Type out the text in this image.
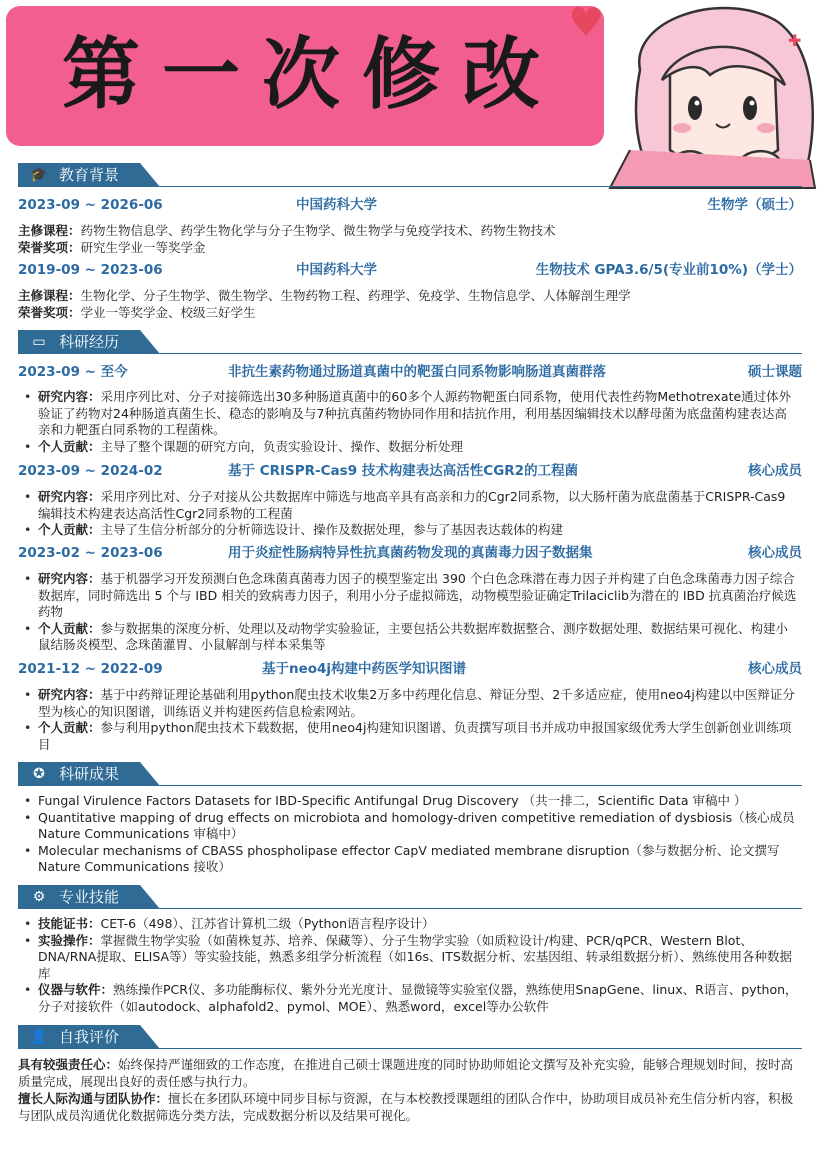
第一次修改
♥	✚
🎓 教育背景
2023-09 ~ 2026-06	中国药科大学	生物学（硕士）
主修课程：药物生物信息学、药学生物化学与分子生物学、微生物学与免疫学技术、药物生物技术
荣誉奖项：研究生学业一等奖学金
2019-09 ~ 2023-06	中国药科大学	生物技术 GPA3.6/5(专业前10%)（学士）
主修课程：生物化学、分子生物学、微生物学、生物药物工程、药理学、免疫学、生物信息学、人体解剖生理学
荣誉奖项：学业一等奖学金、校级三好学生
▭ 科研经历
2023-09 ~ 至今	非抗生素药物通过肠道真菌中的靶蛋白同系物影响肠道真菌群落	硕士课题
• 研究内容：采用序列比对、分子对接筛选出30多种肠道真菌中的60多个人源药物靶蛋白同系物，使用代表性药物Methotrexate通过体外验证了药物对24种肠道真菌生长、稳态的影响及与7种抗真菌药物协同作用和拮抗作用，利用基因编辑技术以酵母菌为底盘菌构建表达高亲和力靶蛋白同系物的工程菌株。
• 个人贡献：主导了整个课题的研究方向，负责实验设计、操作、数据分析处理
2023-09 ~ 2024-02	基于 CRISPR-Cas9 技术构建表达高活性CGR2的工程菌	核心成员
• 研究内容：采用序列比对、分子对接从公共数据库中筛选与地高辛具有高亲和力的Cgr2同系物，以大肠杆菌为底盘菌基于CRISPR-Cas9 编辑技术构建表达高活性Cgr2同系物的工程菌
• 个人贡献：主导了生信分析部分的分析筛选设计、操作及数据处理，参与了基因表达载体的构建
2023-02 ~ 2023-06	用于炎症性肠病特异性抗真菌药物发现的真菌毒力因子数据集	核心成员
• 研究内容：基于机器学习开发预测白色念珠菌真菌毒力因子的模型鉴定出 390 个白色念珠潜在毒力因子并构建了白色念珠菌毒力因子综合数据库，同时筛选出 5 个与 IBD 相关的致病毒力因子，利用小分子虚拟筛选，动物模型验证确定Trilaciclib为潜在的 IBD 抗真菌治疗候选药物
• 个人贡献：参与数据集的深度分析、处理以及动物学实验验证，主要包括公共数据库数据整合、测序数据处理、数据结果可视化、构建小鼠结肠炎模型、念珠菌灌胃、小鼠解剖与样本采集等
2021-12 ~ 2022-09	基于neo4j构建中药医学知识图谱	核心成员
• 研究内容：基于中药辩证理论基础利用python爬虫技术收集2万多中药理化信息、辩证分型、2千多适应症，使用neo4j构建以中医辩证分型为核心的知识图谱，训练语义并构建医药信息检索网站。
• 个人贡献：参与利用python爬虫技术下载数据，使用neo4j构建知识图谱、负责撰写项目书并成功申报国家级优秀大学生创新创业训练项目
✪ 科研成果
• Fungal Virulence Factors Datasets for IBD-Specific Antifungal Drug Discovery （共一排二，Scientific Data 审稿中 ）
• Quantitative mapping of drug effects on microbiota and homology-driven competitive remediation of dysbiosis（核心成员 Nature Communications 审稿中）
• Molecular mechanisms of CBASS phospholipase effector CapV mediated membrane disruption（参与数据分析、论文撰写 Nature Communications 接收）
⚙ 专业技能
• 技能证书：CET-6（498）、江苏省计算机二级（Python语言程序设计）
• 实验操作：掌握微生物学实验（如菌株复苏、培养、保藏等）、分子生物学实验（如质粒设计/构建、PCR/qPCR、Western Blot、DNA/RNA提取、ELISA等）等实验技能，熟悉多组学分析流程（如16s、ITS数据分析、宏基因组、转录组数据分析）、熟练使用各种数据库
• 仪器与软件：熟练操作PCR仪、多功能酶标仪、紫外分光光度计、显微镜等实验室仪器，熟练使用SnapGene、linux、R语言、python，分子对接软件（如autodock、alphafold2、pymol、MOE）、熟悉word，excel等办公软件
👤 自我评价
具有较强责任心：始终保持严谨细致的工作态度，在推进自己硕士课题进度的同时协助师姐论文撰写及补充实验，能够合理规划时间，按时高质量完成，展现出良好的责任感与执行力。
擅长人际沟通与团队协作：擅长在多团队环境中同步目标与资源，在与本校教授课题组的团队合作中，协助项目成员补充生信分析内容，积极与团队成员沟通优化数据筛选分类方法，完成数据分析以及结果可视化。
